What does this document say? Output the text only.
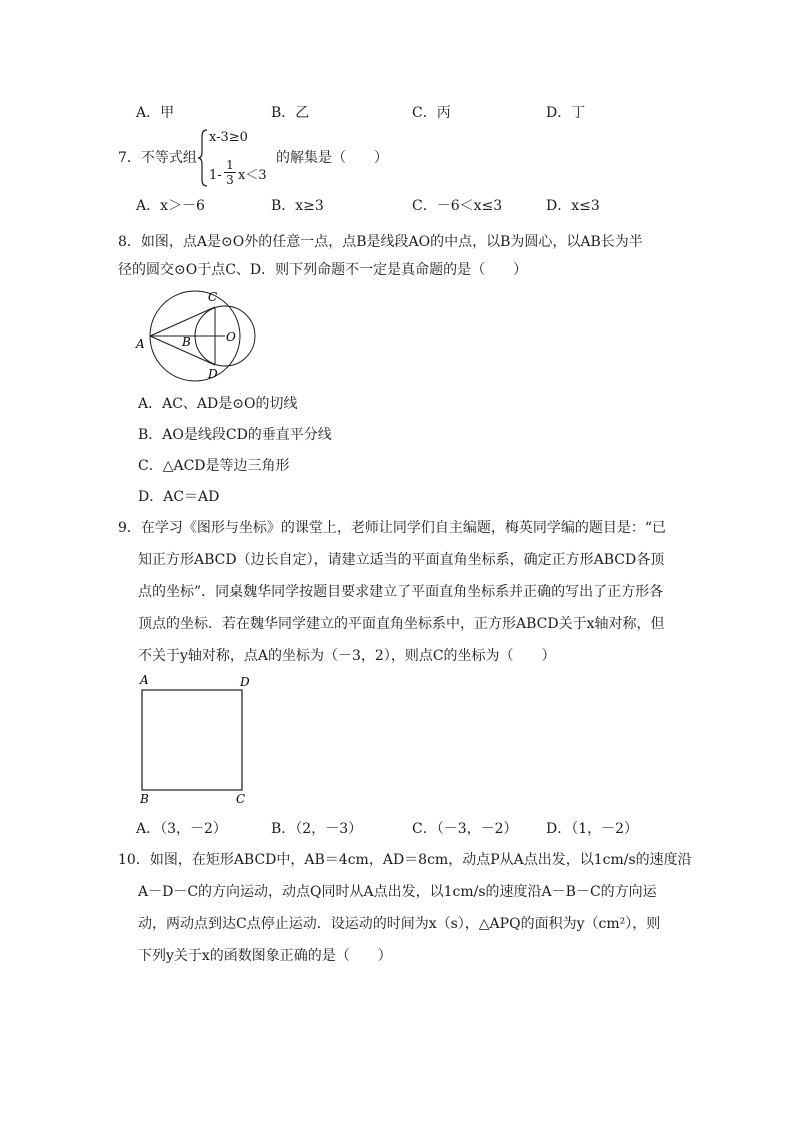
A．甲	B．乙	C．丙	D．丁
7．不等式组
x-3≥0
$1- \frac{1}{3} x<3$
的解集是（　　）
A．x＞－6	B．x≥3	C．－6＜x≤3	D．x≤3
8．如图，点A是⊙O外的任意一点，点B是线段AO的中点，以B为圆心，以AB长为半
径的圆交⊙O于点C、D．则下列命题不一定是真命题的是（　　）
A	B
C
D
O
A．AC、AD是⊙O的切线
B．AO是线段CD的垂直平分线
C．△ACD是等边三角形
D．AC＝AD
9．在学习《图形与坐标》的课堂上，老师让同学们自主编题，梅英同学编的题目是：“已
知正方形ABCD（边长自定），请建立适当的平面直角坐标系，确定正方形ABCD各顶
点的坐标”．同桌魏华同学按题目要求建立了平面直角坐标系并正确的写出了正方形各
顶点的坐标．若在魏华同学建立的平面直角坐标系中，正方形ABCD关于x轴对称，但
不关于y轴对称，点A的坐标为（－3，2），则点C的坐标为（　　）
A	D
B	C
A．（3，－2）	B．（2，－3）	C．（－3，－2） D．（1，－2）
10．如图，在矩形ABCD中，AB＝4cm，AD＝8cm，动点P从A点出发，以1cm/s的速度沿
A－D－C的方向运动，动点Q同时从A点出发，以1cm/s的速度沿A－B－C的方向运
动，两动点到达C点停止运动．设运动的时间为x（s），△APQ的面积为y（cm²），则
下列y关于x的函数图象正确的是（　　）
